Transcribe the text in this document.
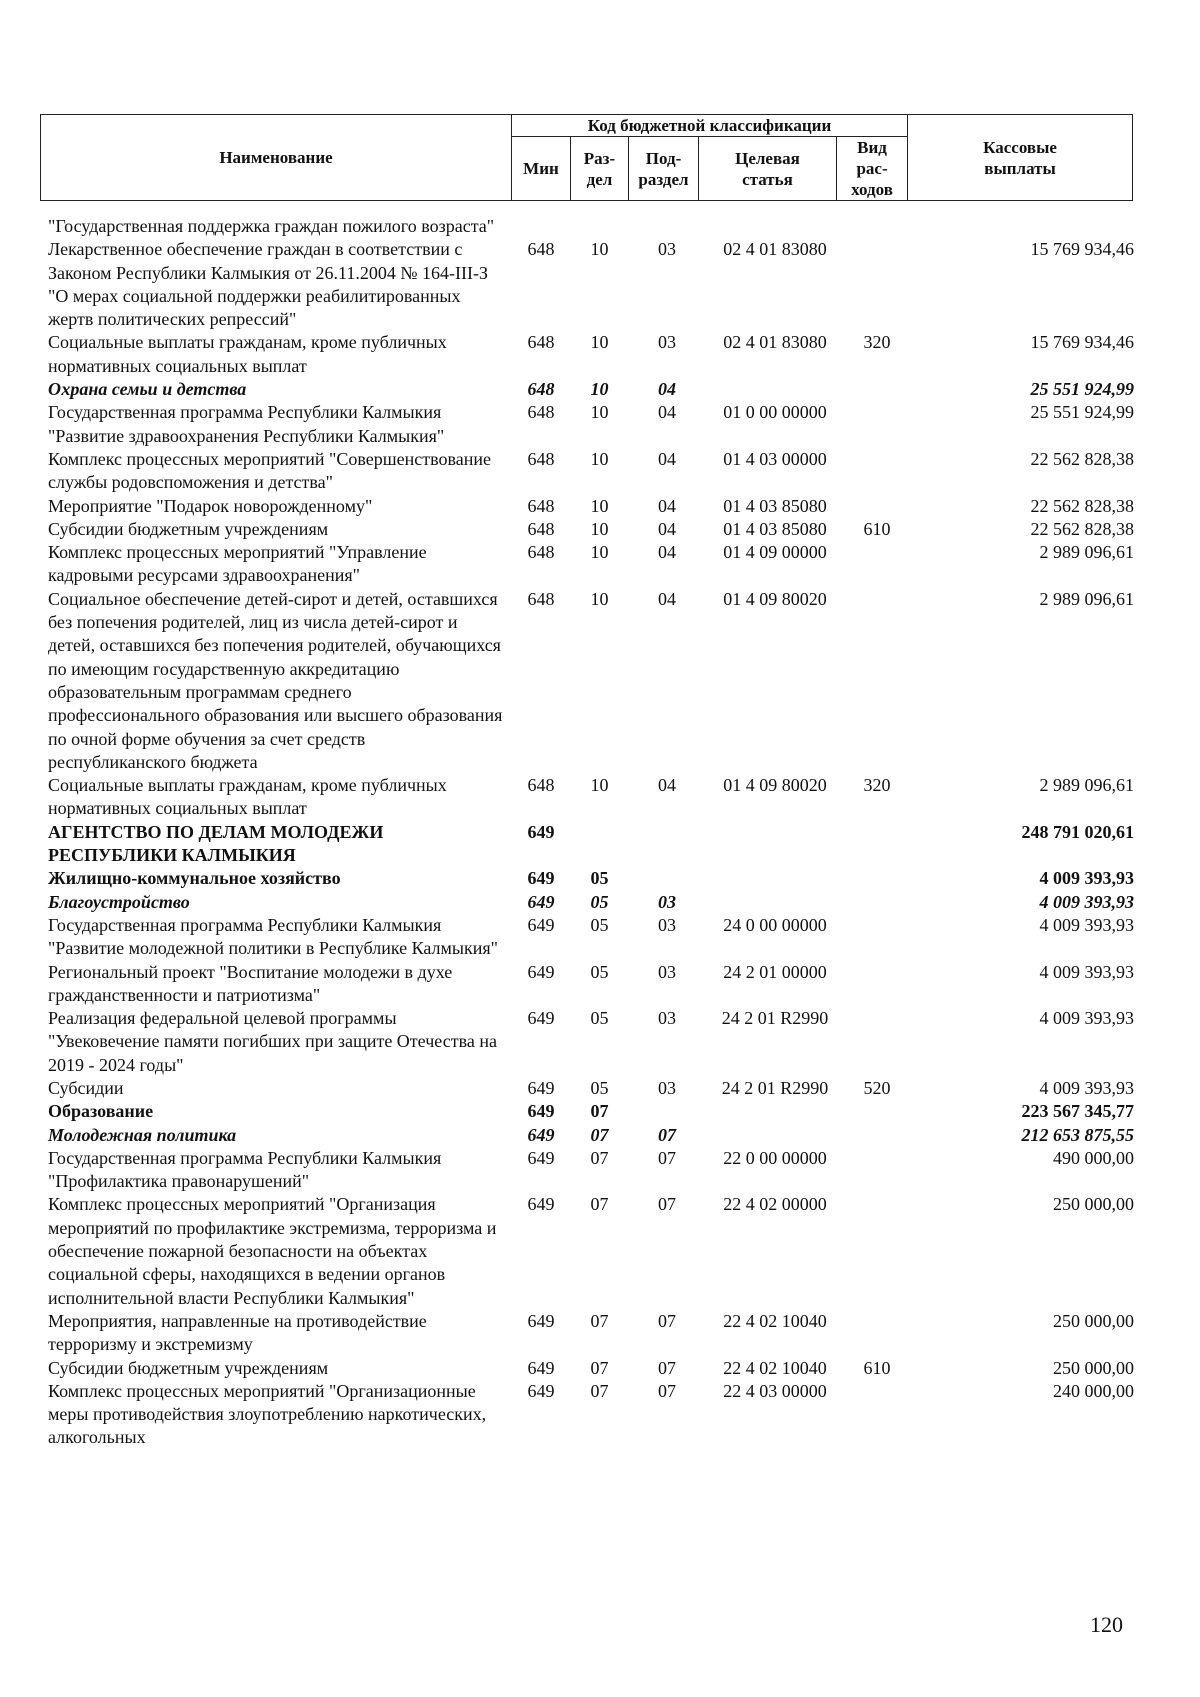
Наименование	Код бюджетной классификации					Кассовые выплаты
	Мин	Раз- дел	Под- раздел	Целевая статья	Вид рас- ходов	
"Государственная поддержка граждан пожилого возраста"						
Лекарственное обеспечение граждан в соответствии с Законом Республики Калмыкия от 26.11.2004 № 164-III-З "О мерах социальной поддержки реабилитированных жертв политических репрессий"	648	10	03	02 4 01 83080		15 769 934,46
Социальные выплаты гражданам, кроме публичных нормативных социальных выплат	648	10	03	02 4 01 83080	320	15 769 934,46
Охрана семьи и детства	648	10	04			25 551 924,99
Государственная программа Республики Калмыкия "Развитие здравоохранения Республики Калмыкия"	648	10	04	01 0 00 00000		25 551 924,99
Комплекс процессных мероприятий "Совершенствование службы родовспоможения и детства"	648	10	04	01 4 03 00000		22 562 828,38
Мероприятие "Подарок новорожденному"	648	10	04	01 4 03 85080		22 562 828,38
Субсидии бюджетным учреждениям	648	10	04	01 4 03 85080	610	22 562 828,38
Комплекс процессных мероприятий "Управление кадровыми ресурсами здравоохранения"	648	10	04	01 4 09 00000		2 989 096,61
Социальное обеспечение детей-сирот и детей, оставшихся без попечения родителей, лиц из числа детей-сирот и детей, оставшихся без попечения родителей, обучающихся по имеющим государственную аккредитацию образовательным программам среднего профессионального образования или высшего образования по очной форме обучения за счет средств республиканского бюджета	648	10	04	01 4 09 80020		2 989 096,61
Социальные выплаты гражданам, кроме публичных нормативных социальных выплат	648	10	04	01 4 09 80020	320	2 989 096,61
АГЕНТСТВО ПО ДЕЛАМ МОЛОДЕЖИ РЕСПУБЛИКИ КАЛМЫКИЯ	649					248 791 020,61
Жилищно-коммунальное хозяйство	649	05				4 009 393,93
Благоустройство	649	05	03			4 009 393,93
Государственная программа Республики Калмыкия "Развитие молодежной политики в Республике Калмыкия"	649	05	03	24 0 00 00000		4 009 393,93
Региональный проект "Воспитание молодежи в духе гражданственности и патриотизма"	649	05	03	24 2 01 00000		4 009 393,93
Реализация федеральной целевой программы "Увековечение памяти погибших при защите Отечества на 2019 - 2024 годы"	649	05	03	24 2 01 R2990		4 009 393,93
Субсидии	649	05	03	24 2 01 R2990	520	4 009 393,93
Образование	649	07				223 567 345,77
Молодежная политика	649	07	07			212 653 875,55
Государственная программа Республики Калмыкия "Профилактика правонарушений"	649	07	07	22 0 00 00000		490 000,00
Комплекс процессных мероприятий "Организация мероприятий по профилактике экстремизма, терроризма и обеспечение пожарной безопасности на объектах социальной сферы, находящихся в ведении органов исполнительной власти Республики Калмыкия"	649	07	07	22 4 02 00000		250 000,00
Мероприятия, направленные на противодействие терроризму и экстремизму	649	07	07	22 4 02 10040		250 000,00
Субсидии бюджетным учреждениям	649	07	07	22 4 02 10040	610	250 000,00
Комплекс процессных мероприятий "Организационные меры противодействия злоупотреблению наркотических, алкогольных	649	07	07	22 4 03 00000		240 000,00
120
